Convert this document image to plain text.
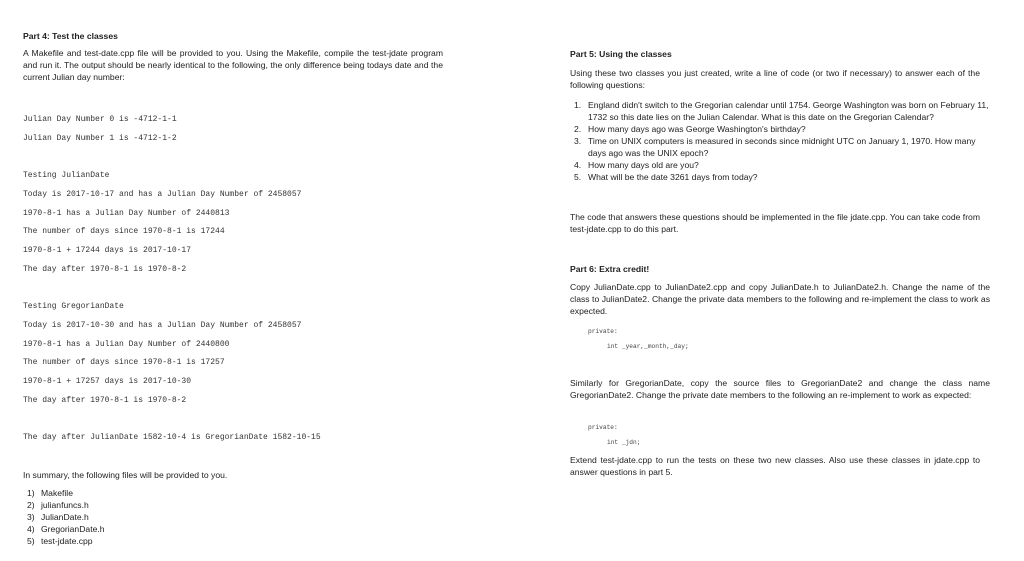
Part 4: Test the classes
A Makefile and test-date.cpp file will be provided to you. Using the Makefile, compile the test-jdate program and run it. The output should be nearly identical to the following, the only difference being todays date and the current Julian day number:
Julian Day Number 0 is -4712-1-1
Julian Day Number 1 is -4712-1-2
Testing JulianDate
Today is 2017-10-17 and has a Julian Day Number of 2458057
1970-8-1 has a Julian Day Number of 2440813
The number of days since 1970-8-1 is 17244
1970-8-1 + 17244 days is 2017-10-17
The day after 1970-8-1 is 1970-8-2
Testing GregorianDate
Today is 2017-10-30 and has a Julian Day Number of 2458057
1970-8-1 has a Julian Day Number of 2440800
The number of days since 1970-8-1 is 17257
1970-8-1 + 17257 days is 2017-10-30
The day after 1970-8-1 is 1970-8-2
The day after JulianDate 1582-10-4 is GregorianDate 1582-10-15
In summary, the following files will be provided to you.
1) Makefile
2) julianfuncs.h
3) JulianDate.h
4) GregorianDate.h
5) test-jdate.cpp
Part 5: Using the classes
Using these two classes you just created, write a line of code (or two if necessary) to answer each of the following questions:
1. England didn't switch to the Gregorian calendar until 1754. George Washington was born on February 11, 1732 so this date lies on the Julian Calendar. What is this date on the Gregorian Calendar?
2. How many days ago was George Washington's birthday?
3. Time on UNIX computers is measured in seconds since midnight UTC on January 1, 1970. How many days ago was the UNIX epoch?
4. How many days old are you?
5. What will be the date 3261 days from today?
The code that answers these questions should be implemented in the file jdate.cpp. You can take code from test-jdate.cpp to do this part.
Part 6: Extra credit!
Copy JulianDate.cpp to JulianDate2.cpp and copy JulianDate.h to JulianDate2.h. Change the name of the class to JulianDate2. Change the private data members to the following and re-implement the class to work as expected.
private:
int _year,_month,_day;
Similarly for GregorianDate, copy the source files to GregorianDate2 and change the class name GregorianDate2. Change the private date members to the following an re-implement to work as expected:
private:
int _jdn;
Extend test-jdate.cpp to run the tests on these two new classes. Also use these classes in jdate.cpp to answer questions in part 5.
